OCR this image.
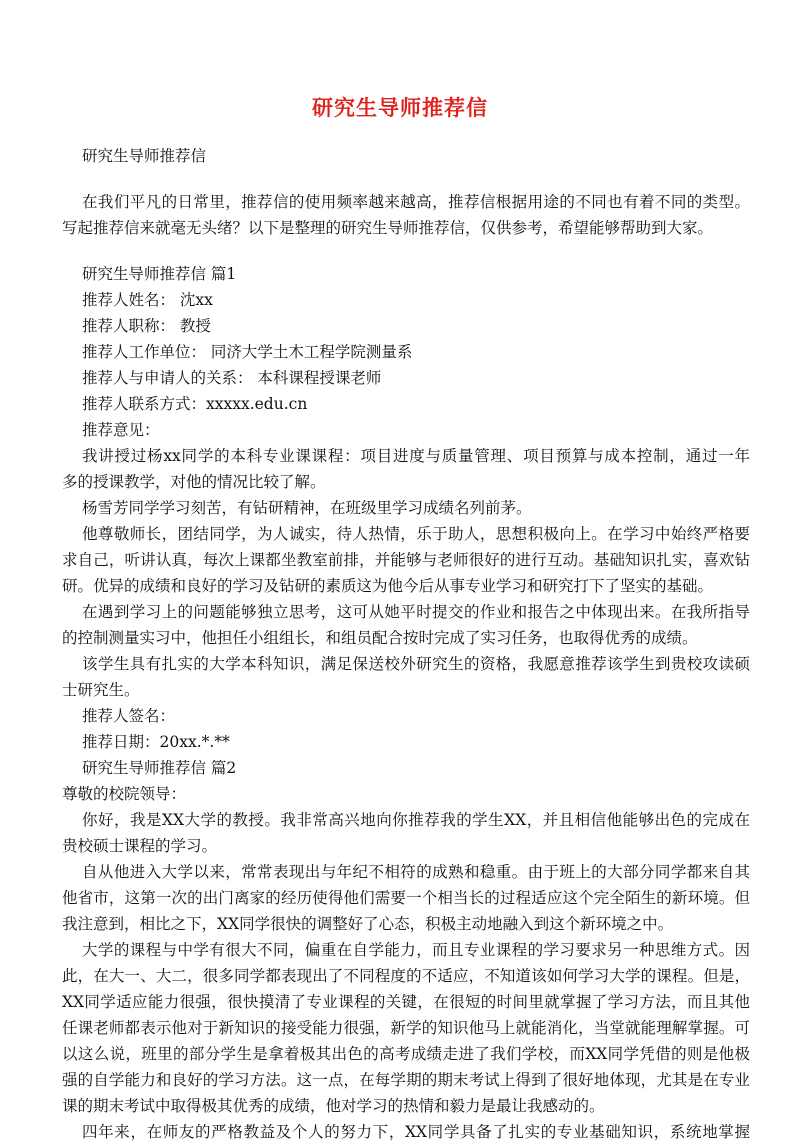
研究生导师推荐信
研究生导师推荐信
在我们平凡的日常里，推荐信的使用频率越来越高，推荐信根据用途的不同也有着不同的类型。
写起推荐信来就毫无头绪？以下是整理的研究生导师推荐信，仅供参考，希望能够帮助到大家。
研究生导师推荐信 篇1
推荐人姓名： 沈xx
推荐人职称： 教授
推荐人工作单位： 同济大学土木工程学院测量系
推荐人与申请人的关系： 本科课程授课老师
推荐人联系方式：xxxxx.edu.cn
推荐意见：
我讲授过杨xx同学的本科专业课课程：项目进度与质量管理、项目预算与成本控制，通过一年
多的授课教学，对他的情况比较了解。
杨雪芳同学学习刻苦，有钻研精神，在班级里学习成绩名列前茅。
他尊敬师长，团结同学，为人诚实，待人热情，乐于助人，思想积极向上。在学习中始终严格要
求自己，听讲认真，每次上课都坐教室前排，并能够与老师很好的进行互动。基础知识扎实，喜欢钻
研。优异的成绩和良好的学习及钻研的素质这为他今后从事专业学习和研究打下了坚实的基础。
在遇到学习上的问题能够独立思考，这可从她平时提交的作业和报告之中体现出来。在我所指导
的控制测量实习中，他担任小组组长，和组员配合按时完成了实习任务，也取得优秀的成绩。
该学生具有扎实的大学本科知识，满足保送校外研究生的资格，我愿意推荐该学生到贵校攻读硕
士研究生。
推荐人签名：
推荐日期：20xx.*.**
研究生导师推荐信 篇2
尊敬的校院领导：
你好，我是XX大学的教授。我非常高兴地向你推荐我的学生XX，并且相信他能够出色的完成在
贵校硕士课程的学习。
自从他进入大学以来，常常表现出与年纪不相符的成熟和稳重。由于班上的大部分同学都来自其
他省市，这第一次的出门离家的经历使得他们需要一个相当长的过程适应这个完全陌生的新环境。但
我注意到，相比之下，XX同学很快的调整好了心态，积极主动地融入到这个新环境之中。
大学的课程与中学有很大不同，偏重在自学能力，而且专业课程的学习要求另一种思维方式。因
此，在大一、大二，很多同学都表现出了不同程度的不适应，不知道该如何学习大学的课程。但是，
XX同学适应能力很强，很快摸清了专业课程的关键，在很短的时间里就掌握了学习方法，而且其他
任课老师都表示他对于新知识的接受能力很强，新学的知识他马上就能消化，当堂就能理解掌握。可
以这么说，班里的部分学生是拿着极其出色的高考成绩走进了我们学校，而XX同学凭借的则是他极
强的自学能力和良好的学习方法。这一点，在每学期的期末考试上得到了很好地体现，尤其是在专业
课的期末考试中取得极其优秀的成绩，他对学习的热情和毅力是最让我感动的。
四年来，在师友的严格教益及个人的努力下，XX同学具备了扎实的专业基础知识，系统地掌握
